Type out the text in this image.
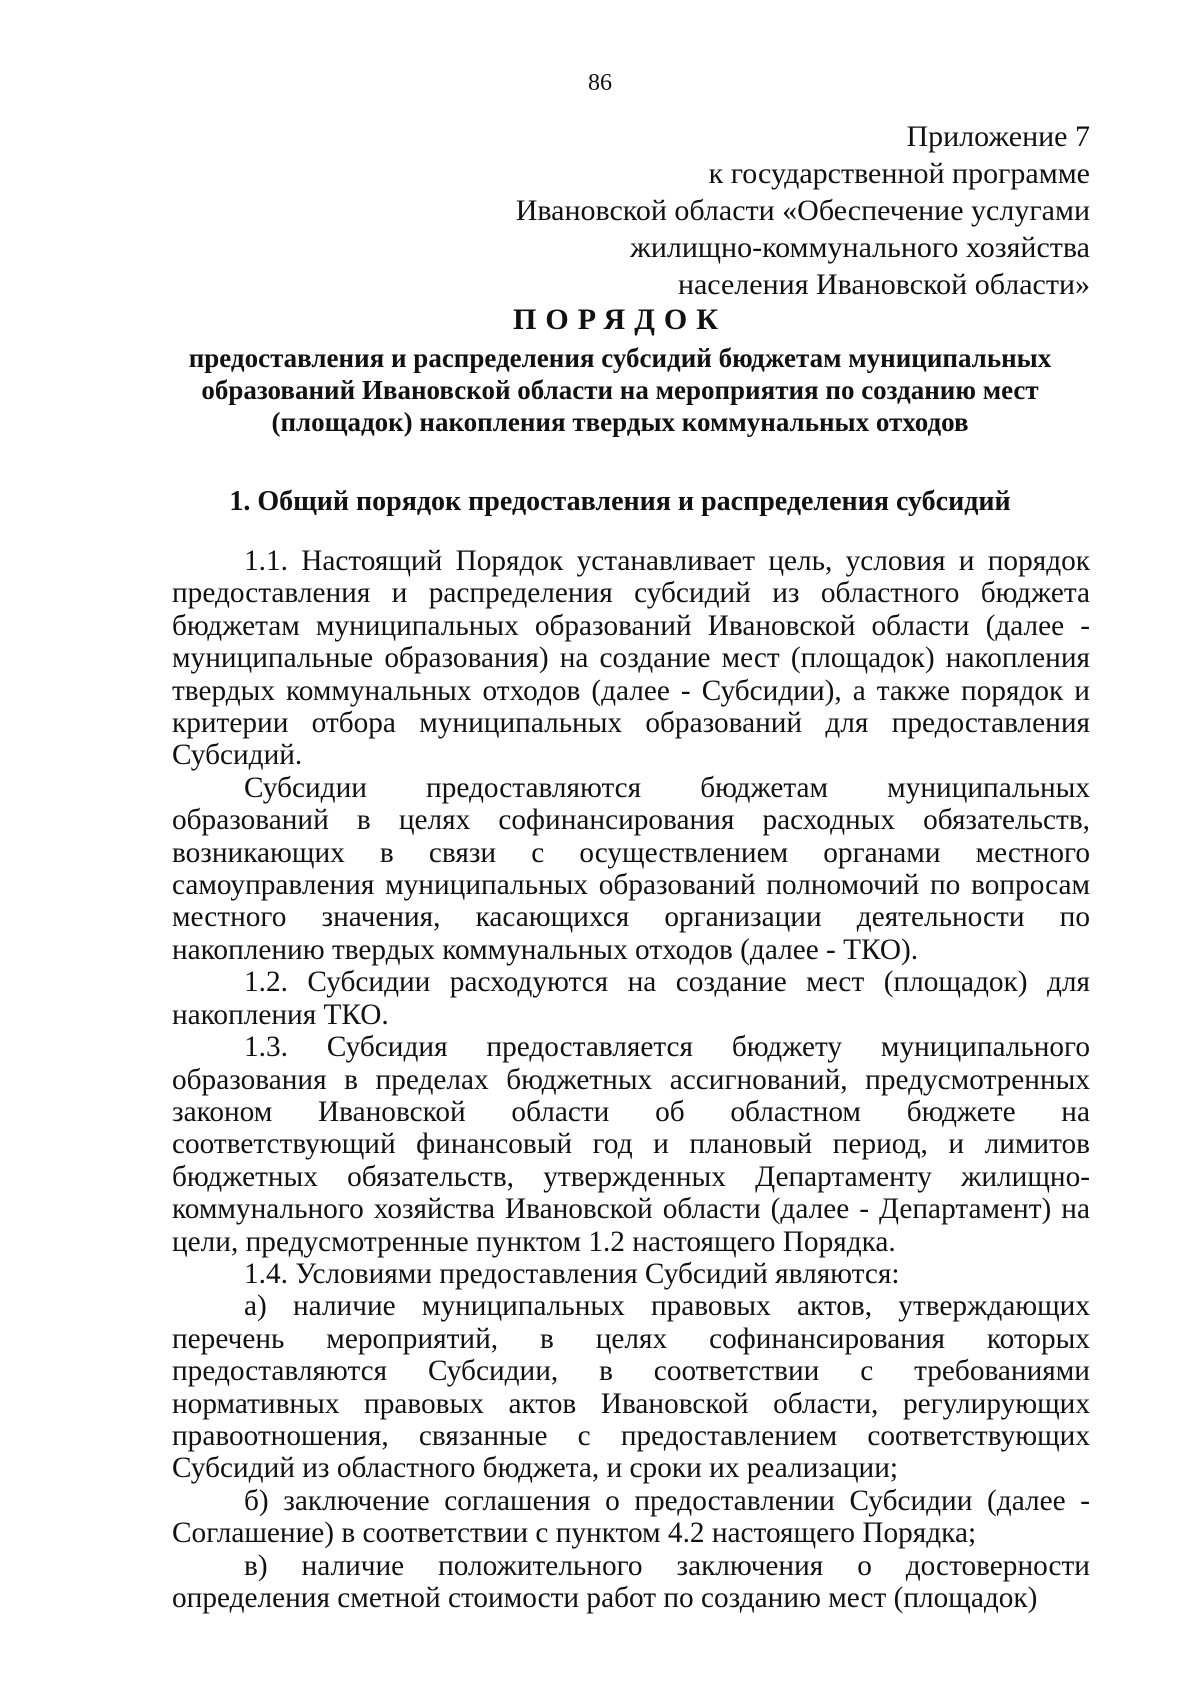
86
Приложение 7
к государственной программе
Ивановской области «Обеспечение услугами
жилищно-коммунального хозяйства
населения Ивановской области»
ПОРЯДОК
предоставления и распределения субсидий бюджетам муниципальных
образований Ивановской области на мероприятия по созданию мест
(площадок) накопления твердых коммунальных отходов
1. Общий порядок предоставления и распределения субсидий

1.1. Настоящий Порядок устанавливает цель, условия и порядок предоставления и распределения субсидий из областного бюджета бюджетам муниципальных образований Ивановской области (далее - муниципальные образования) на создание мест (площадок) накопления твердых коммунальных отходов (далее - Субсидии), а также порядок и критерии отбора муниципальных образований для предоставления Субсидий.

Субсидии предоставляются бюджетам муниципальных образований в целях софинансирования расходных обязательств, возникающих в связи с осуществлением органами местного самоуправления муниципальных образований полномочий по вопросам местного значения, касающихся организации деятельности по накоплению твердых коммунальных отходов (далее - ТКО).

1.2. Субсидии расходуются на создание мест (площадок) для накопления ТКО.

1.3. Субсидия предоставляется бюджету муниципального образования в пределах бюджетных ассигнований, предусмотренных законом Ивановской области об областном бюджете на соответствующий финансовый год и плановый период, и лимитов бюджетных обязательств, утвержденных Департаменту жилищно-коммунального хозяйства Ивановской области (далее - Департамент) на цели, предусмотренные пунктом 1.2 настоящего Порядка.

1.4. Условиями предоставления Субсидий являются:

а) наличие муниципальных правовых актов, утверждающих перечень мероприятий, в целях софинансирования которых предоставляются Субсидии, в соответствии с требованиями нормативных правовых актов Ивановской области, регулирующих правоотношения, связанные с предоставлением соответствующих Субсидий из областного бюджета, и сроки их реализации;

б) заключение соглашения о предоставлении Субсидии (далее - Соглашение) в соответствии с пунктом 4.2 настоящего Порядка;

в) наличие положительного заключения о достоверности определения сметной стоимости работ по созданию мест (площадок)
